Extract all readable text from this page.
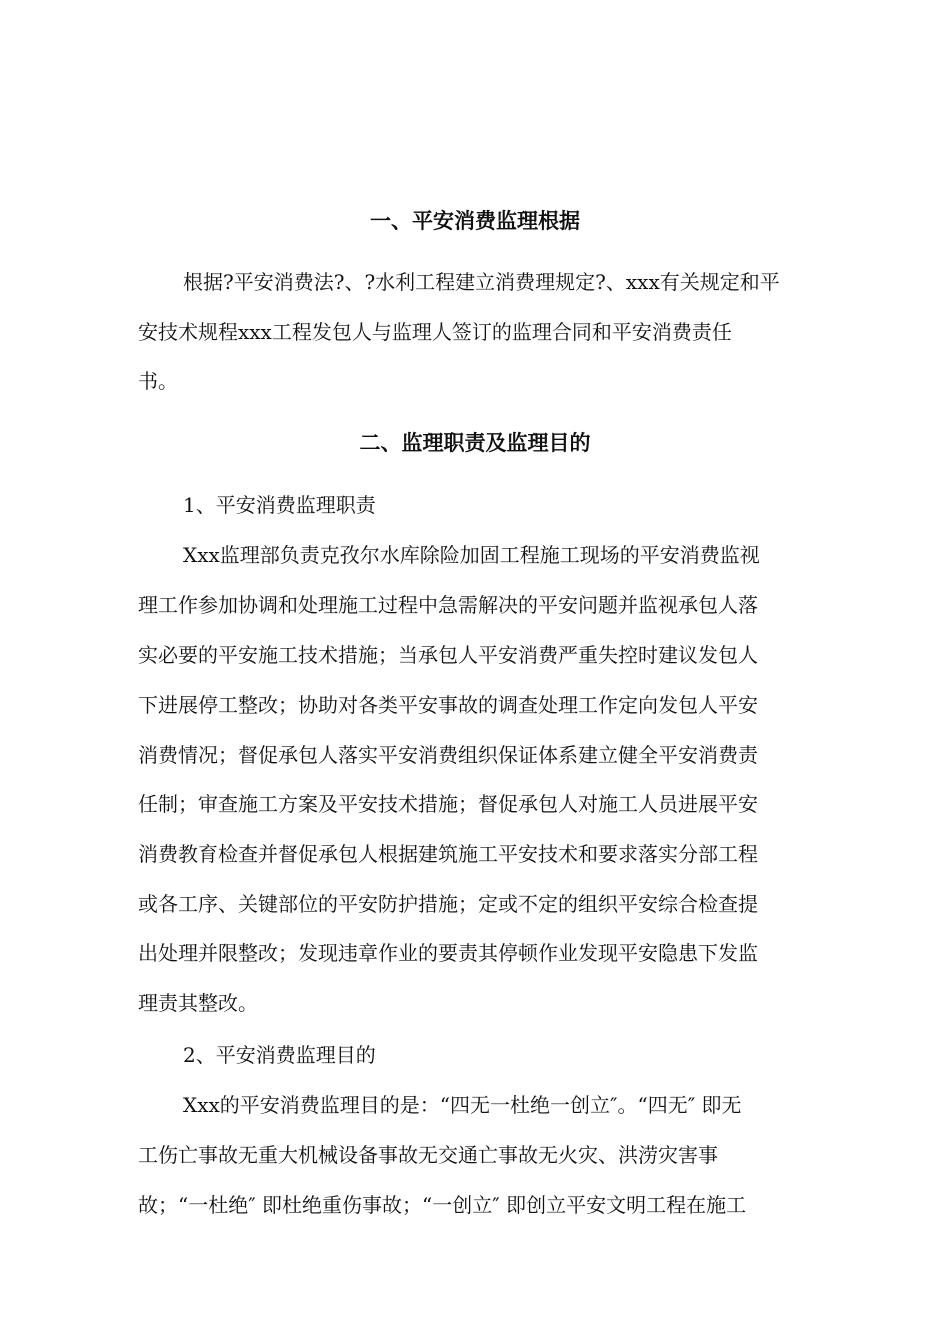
一、平安消费监理根据
根据?平安消费法?、?水利工程建立消费理规定?、xxx有关规定和平
安技术规程xxx工程发包人与监理人签订的监理合同和平安消费责任
书。
二、监理职责及监理目的
1、平安消费监理职责
Xxx监理部负责克孜尔水库除险加固工程施工现场的平安消费监视
理工作参加协调和处理施工过程中急需解决的平安问题并监视承包人落
实必要的平安施工技术措施；当承包人平安消费严重失控时建议发包人
下进展停工整改；协助对各类平安事故的调查处理工作定向发包人平安
消费情况；督促承包人落实平安消费组织保证体系建立健全平安消费责
任制；审查施工方案及平安技术措施；督促承包人对施工人员进展平安
消费教育检查并督促承包人根据建筑施工平安技术和要求落实分部工程
或各工序、关键部位的平安防护措施；定或不定的组织平安综合检查提
出处理并限整改；发现违章作业的要责其停顿作业发现平安隐患下发监
理责其整改。
2、平安消费监理目的
Xxx的平安消费监理目的是：“四无一杜绝一创立″。“四无″ 即无
工伤亡事故无重大机械设备事故无交通亡事故无火灾、洪涝灾害事
故；“一杜绝″ 即杜绝重伤事故；“一创立″ 即创立平安文明工程在施工
